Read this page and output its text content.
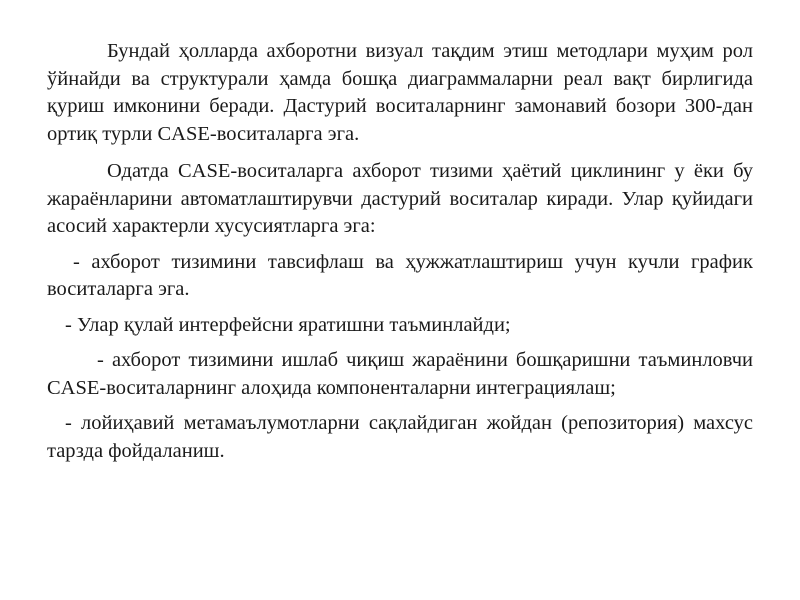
Бундай ҳолларда ахборотни визуал тақдим этиш методлари муҳим рол ўйнайди ва структурали ҳамда бошқа диаграммаларни реал вақт бирлигида қуриш имконини беради. Дастурий воситаларнинг замонавий бозори 300-дан ортиқ турли CASE-воситаларга эга.

Одатда CASE-воситаларга ахборот тизими ҳаётий циклининг у ёки бу жараёнларини автоматлаштирувчи дастурий воситалар киради. Улар қуйидаги асосий характерли хусусиятларга эга:

- ахборот тизимини тавсифлаш ва ҳужжатлаштириш учун кучли график воситаларга эга.

- Улар қулай интерфейсни яратишни таъминлайди;

- ахборот тизимини ишлаб чиқиш жараёнини бошқаришни таъминловчи CASE-воситаларнинг алоҳида компоненталарни интеграциялаш;

- лойиҳавий метамаълумотларни сақлайдиган жойдан (репозитория) махсус тарзда фойдаланиш.
